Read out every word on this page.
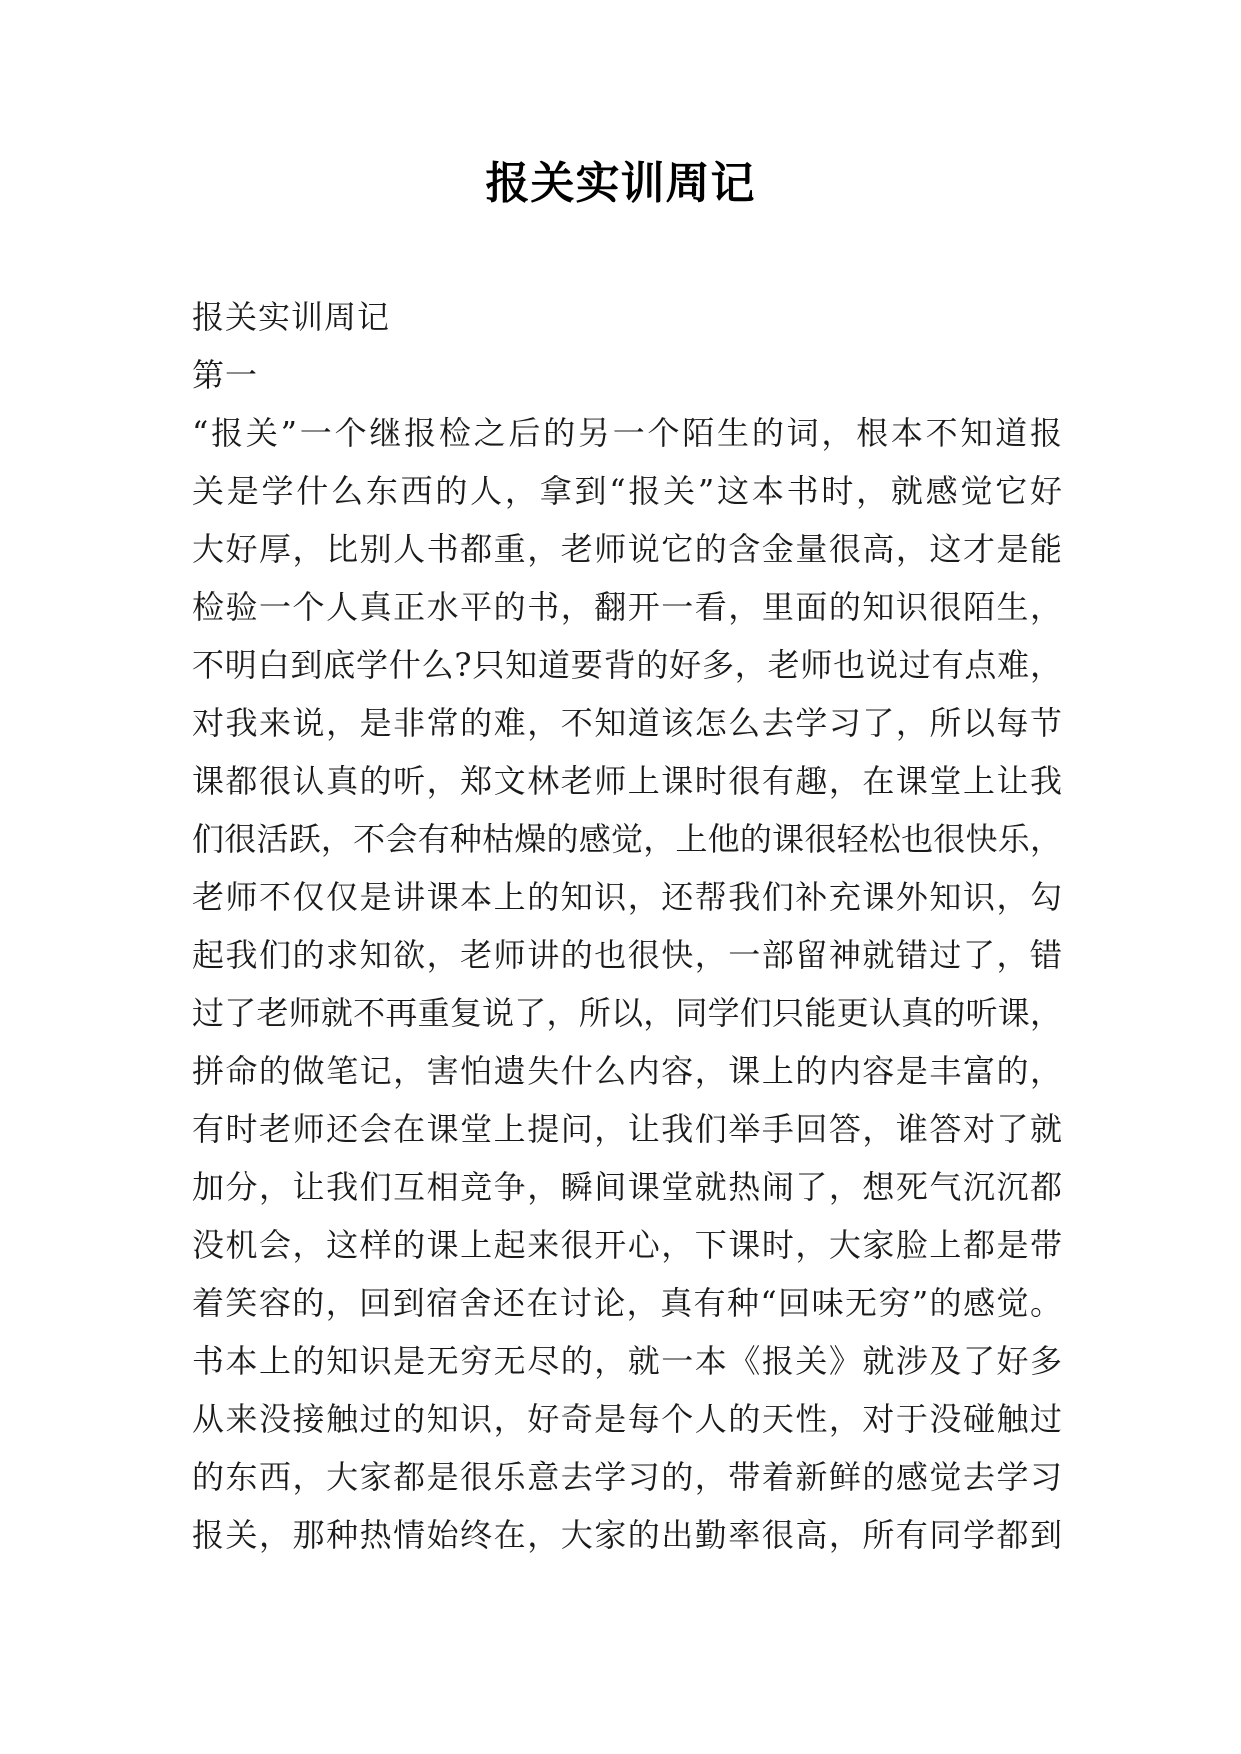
报关实训周记
报关实训周记
第一
“报关”一个继报检之后的另一个陌生的词，根本不知道报
关是学什么东西的人，拿到“报关”这本书时，就感觉它好
大好厚，比别人书都重，老师说它的含金量很高，这才是能
检验一个人真正水平的书，翻开一看，里面的知识很陌生，
不明白到底学什么?只知道要背的好多，老师也说过有点难，
对我来说，是非常的难，不知道该怎么去学习了，所以每节
课都很认真的听，郑文林老师上课时很有趣，在课堂上让我
们很活跃，不会有种枯燥的感觉，上他的课很轻松也很快乐，
老师不仅仅是讲课本上的知识，还帮我们补充课外知识，勾
起我们的求知欲，老师讲的也很快，一部留神就错过了，错
过了老师就不再重复说了，所以，同学们只能更认真的听课，
拼命的做笔记，害怕遗失什么内容，课上的内容是丰富的，
有时老师还会在课堂上提问，让我们举手回答，谁答对了就
加分，让我们互相竞争，瞬间课堂就热闹了，想死气沉沉都
没机会，这样的课上起来很开心，下课时，大家脸上都是带
着笑容的，回到宿舍还在讨论，真有种“回味无穷”的感觉。
书本上的知识是无穷无尽的，就一本《报关》就涉及了好多
从来没接触过的知识，好奇是每个人的天性，对于没碰触过
的东西，大家都是很乐意去学习的，带着新鲜的感觉去学习
报关，那种热情始终在，大家的出勤率很高，所有同学都到
